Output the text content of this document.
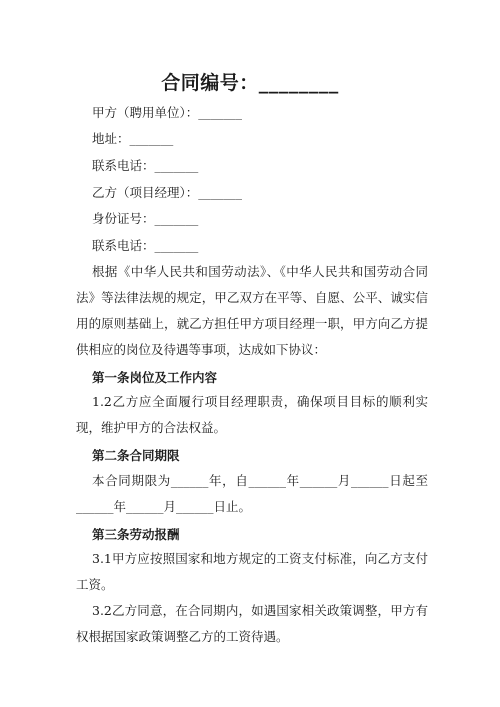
合同编号：________
甲方（聘用单位）：_______
地址：_______
联系电话：_______
乙方（项目经理）：_______
身份证号：_______
联系电话：_______
根据《中华人民共和国劳动法》、《中华人民共和国劳动合同法》等法律法规的规定，甲乙双方在平等、自愿、公平、诚实信用的原则基础上，就乙方担任甲方项目经理一职，甲方向乙方提供相应的岗位及待遇等事项，达成如下协议：
第一条岗位及工作内容
1.2乙方应全面履行项目经理职责，确保项目目标的顺利实现，维护甲方的合法权益。
第二条合同期限
本合同期限为______年，自______年______月______日起至______年______月______日止。
第三条劳动报酬
3.1甲方应按照国家和地方规定的工资支付标准，向乙方支付工资。
3.2乙方同意，在合同期内，如遇国家相关政策调整，甲方有权根据国家政策调整乙方的工资待遇。
